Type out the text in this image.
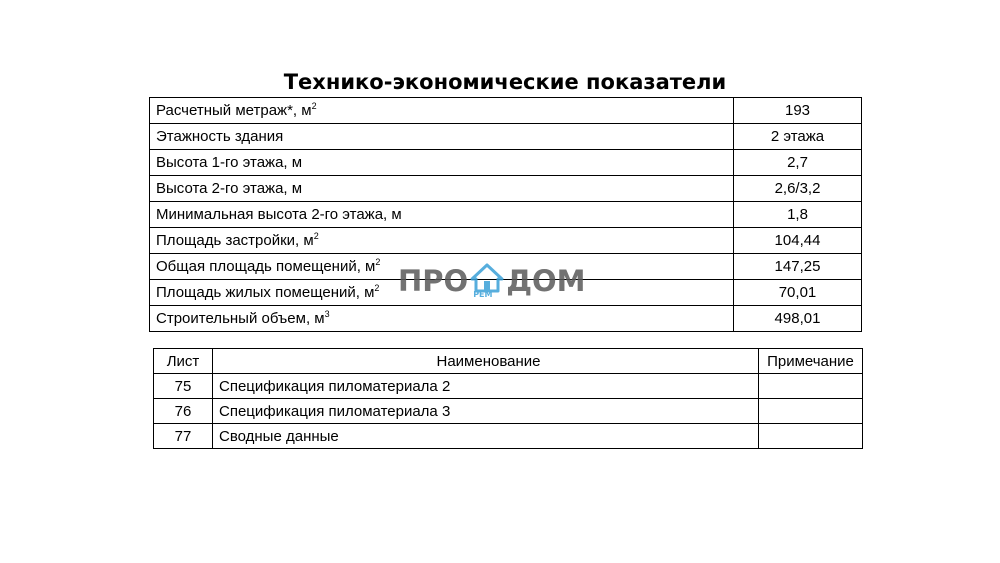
Технико-экономические показатели
Расчетный метраж*, $м^2$	193
Этажность здания	2 этажа
Высота 1-го этажа, м	2,7
Высота 2-го этажа, м	2,6/3,2
Минимальная высота 2-го этажа, м	1,8
Площадь застройки, $м^2$	104,44
Общая площадь помещений, $м^2$	147,25
Площадь жилых помещений, $м^2$	70,01
Строительный объем, $м^3$	498,01
ПРО РЕМ ДОМ
Лист	Наименование	Примечание
75	Спецификация пиломатериала 2	
76	Спецификация пиломатериала 3	
77	Сводные данные	
